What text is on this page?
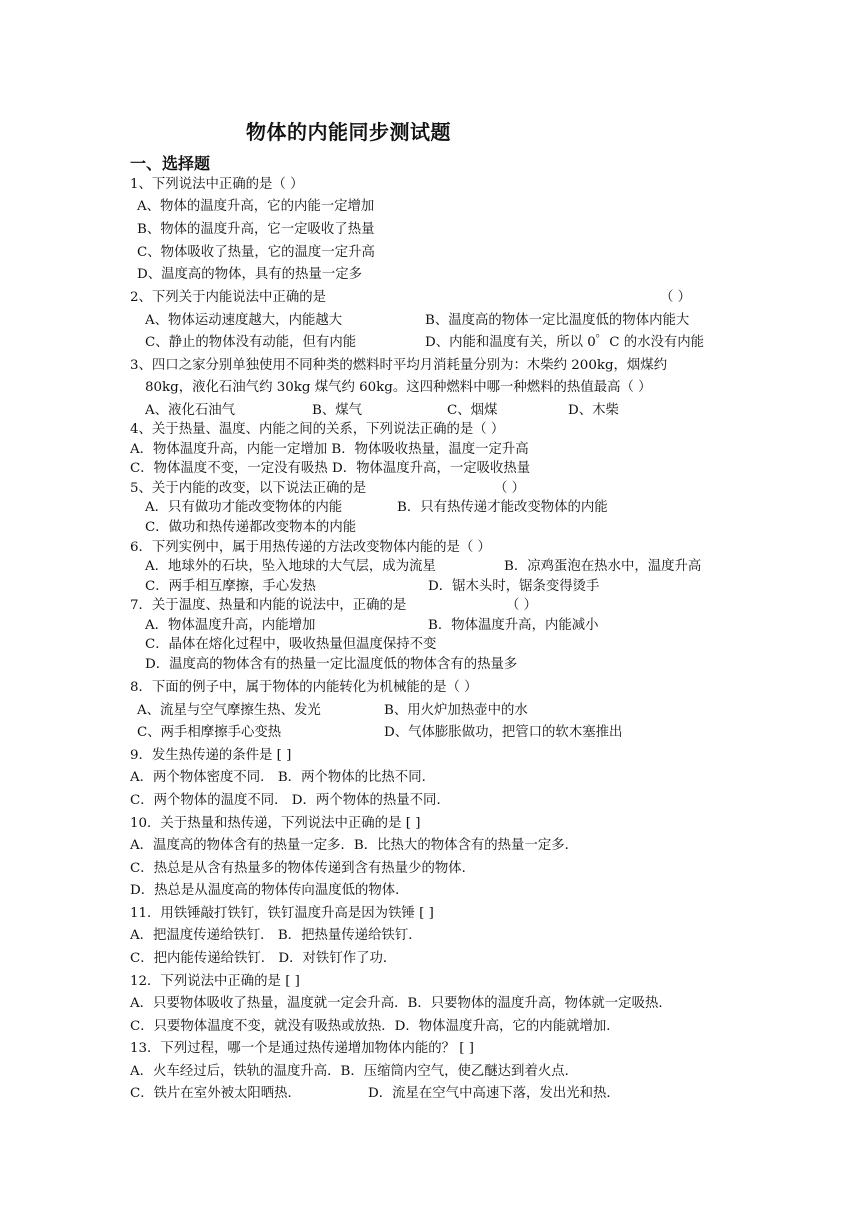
物体的内能同步测试题
一、选择题
1、下列说法中正确的是（ ）
A、物体的温度升高，它的内能一定增加
B、物体的温度升高，它一定吸收了热量
C、物体吸收了热量，它的温度一定升高
D、温度高的物体，具有的热量一定多
2、下列关于内能说法中正确的是	（ ）
A、物体运动速度越大，内能越大	B、温度高的物体一定比温度低的物体内能大
C、静止的物体没有动能，但有内能	D、内能和温度有关，所以 0゜C 的水没有内能
3、四口之家分别单独使用不同种类的燃料时平均月消耗量分别为：木柴约 200kg，烟煤约
80kg，液化石油气约 30kg 煤气约 60kg。这四种燃料中哪一种燃料的热值最高（ ）
A、液化石油气	B、煤气	C、烟煤	D、木柴
4、关于热量、温度、内能之间的关系，下列说法正确的是（ ）
A．物体温度升高，内能一定增加 B．物体吸收热量，温度一定升高
C．物体温度不变，一定没有吸热 D．物体温度升高，一定吸收热量
5、关于内能的改变，以下说法正确的是	（ ）
A．只有做功才能改变物体的内能	B．只有热传递才能改变物体的内能
C．做功和热传递都改变物本的内能
6．下列实例中，属于用热传递的方法改变物体内能的是（ ）
A．地球外的石块，坠入地球的大气层，成为流星	B．凉鸡蛋泡在热水中，温度升高
C．两手相互摩擦，手心发热	D．锯木头时，锯条变得烫手
7．关于温度、热量和内能的说法中，正确的是	（ ）
A．物体温度升高，内能增加	B．物体温度升高，内能减小
C．晶体在熔化过程中，吸收热量但温度保持不变
D．温度高的物体含有的热量一定比温度低的物体含有的热量多
8．下面的例子中，属于物体的内能转化为机械能的是（ ）
A、流星与空气摩擦生热、发光	B、用火炉加热壶中的水
C、两手相摩擦手心变热	D、气体膨胀做功，把管口的软木塞推出
9．发生热传递的条件是 [ ]
A．两个物体密度不同． B．两个物体的比热不同．
C．两个物体的温度不同． D．两个物体的热量不同．
10．关于热量和热传递，下列说法中正确的是 [ ]
A．温度高的物体含有的热量一定多．B．比热大的物体含有的热量一定多．
C．热总是从含有热量多的物体传递到含有热量少的物体．
D．热总是从温度高的物体传向温度低的物体．
11．用铁锤敲打铁钉，铁钉温度升高是因为铁锤 [ ]
A．把温度传递给铁钉． B．把热量传递给铁钉．
C．把内能传递给铁钉． D．对铁钉作了功．
12．下列说法中正确的是 [ ]
A．只要物体吸收了热量，温度就一定会升高．B．只要物体的温度升高，物体就一定吸热．
C．只要物体温度不变，就没有吸热或放热．D．物体温度升高，它的内能就增加．
13．下列过程，哪一个是通过热传递增加物体内能的？ [ ]
A．火车经过后，铁轨的温度升高．B．压缩筒内空气，使乙醚达到着火点．
C．铁片在室外被太阳晒热．	D．流星在空气中高速下落，发出光和热．
